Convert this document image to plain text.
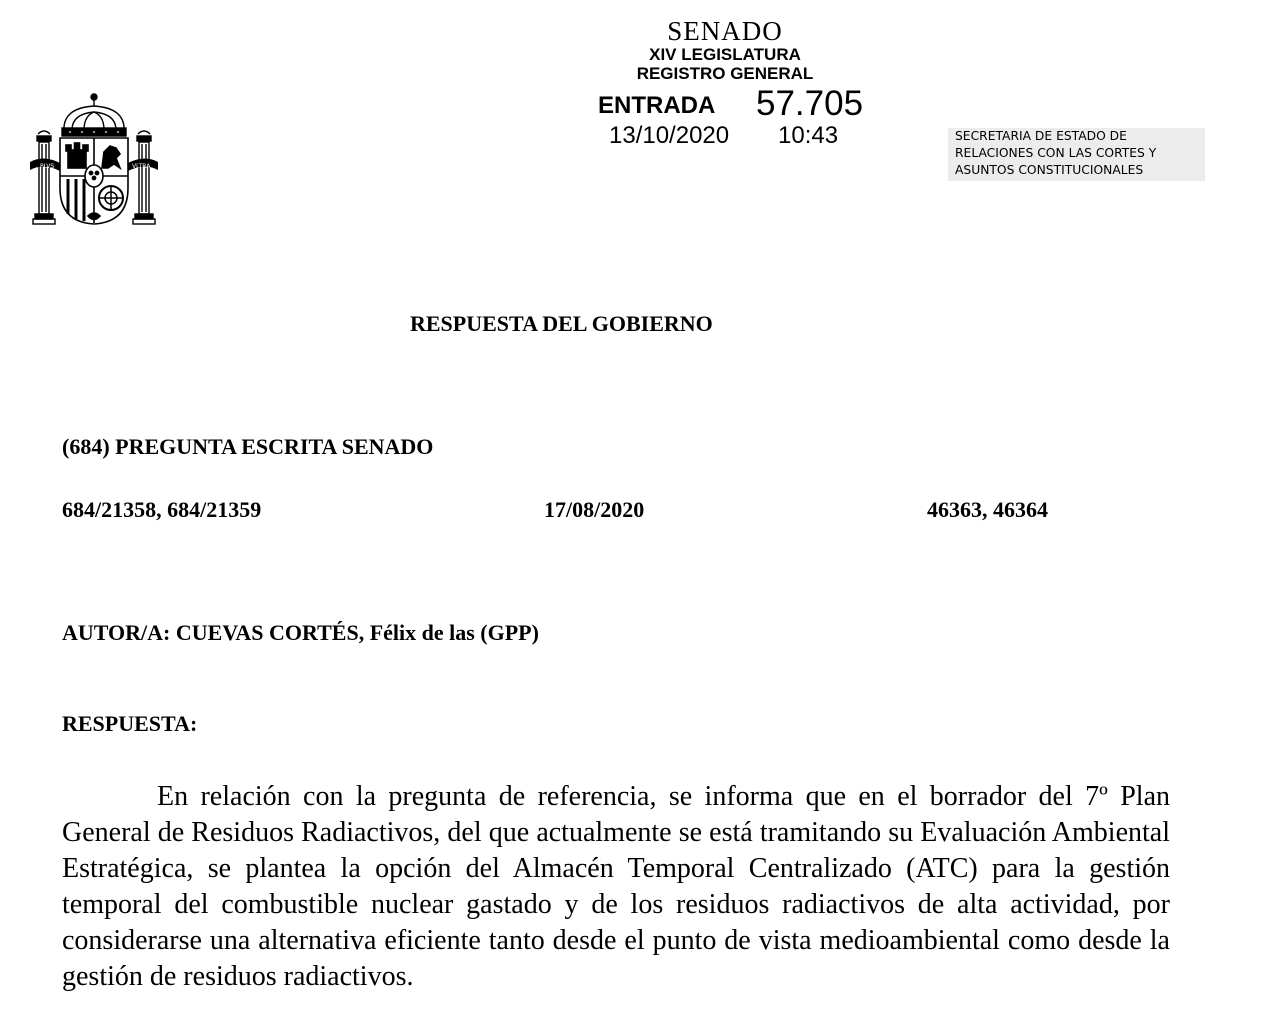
PLVS	VLTRA
SENADO
XIV LEGISLATURA
REGISTRO GENERAL
ENTRADA 57.705
13/10/2020 10:43	SECRETARIA DE ESTADO DE
RELACIONES CON LAS CORTES Y
ASUNTOS CONSTITUCIONALES
RESPUESTA DEL GOBIERNO
(684) PREGUNTA ESCRITA SENADO
684/21358, 684/21359	17/08/2020	46363, 46364
AUTOR/A: CUEVAS CORTÉS, Félix de las (GPP)
RESPUESTA:

En relación con la pregunta de referencia, se informa que en el borrador del 7º Plan General de Residuos Radiactivos, del que actualmente se está tramitando su Evaluación Ambiental Estratégica, se plantea la opción del Almacén Temporal Centralizado (ATC) para la gestión temporal del combustible nuclear gastado y de los residuos radiactivos de alta actividad, por considerarse una alternativa eficiente tanto desde el punto de vista medioambiental como desde la gestión de residuos radiactivos.
